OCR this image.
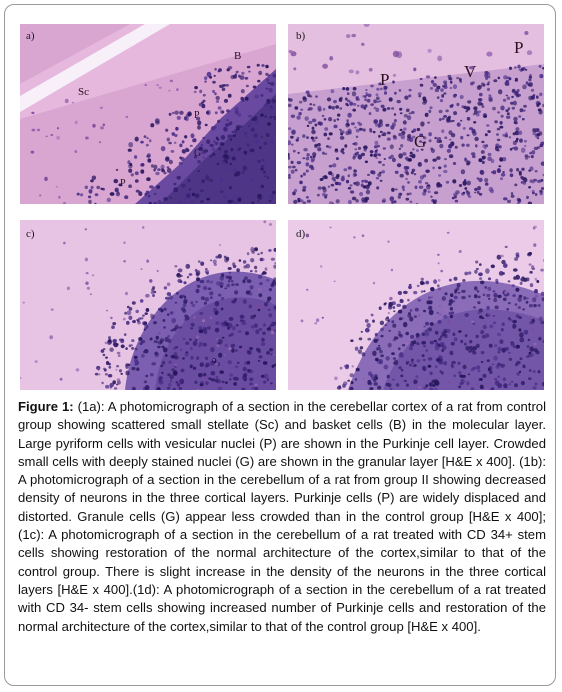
a)
Sc
B
P
G
P
b)
P	V
P
G
c)	d)
Figure 1: (1a): A photomicrograph of a section in the cerebellar cortex of a rat from control group showing scattered small stellate (Sc) and basket cells (B) in the molecular layer. Large pyriform cells with vesicular nuclei (P) are shown in the Purkinje cell layer. Crowded small cells with deeply stained nuclei (G) are shown in the granular layer [H&E x 400]. (1b): A photomicrograph of a section in the cerebellum of a rat from group II showing decreased density of neurons in the three cortical layers. Purkinje cells (P) are widely displaced and distorted. Granule cells (G) appear less crowded than in the control group [H&E x 400]; (1c): A photomicrograph of a section in the cerebellum of a rat treated with CD 34+ stem cells showing restoration of the normal architecture of the cortex,similar to that of the control group. There is slight increase in the density of the neurons in the three cortical layers [H&E x 400].(1d): A photomicrograph of a section in the cerebellum of a rat treated with CD 34- stem cells showing increased number of Purkinje cells and restoration of the normal architecture of the cortex,similar to that of the control group [H&E x 400].
